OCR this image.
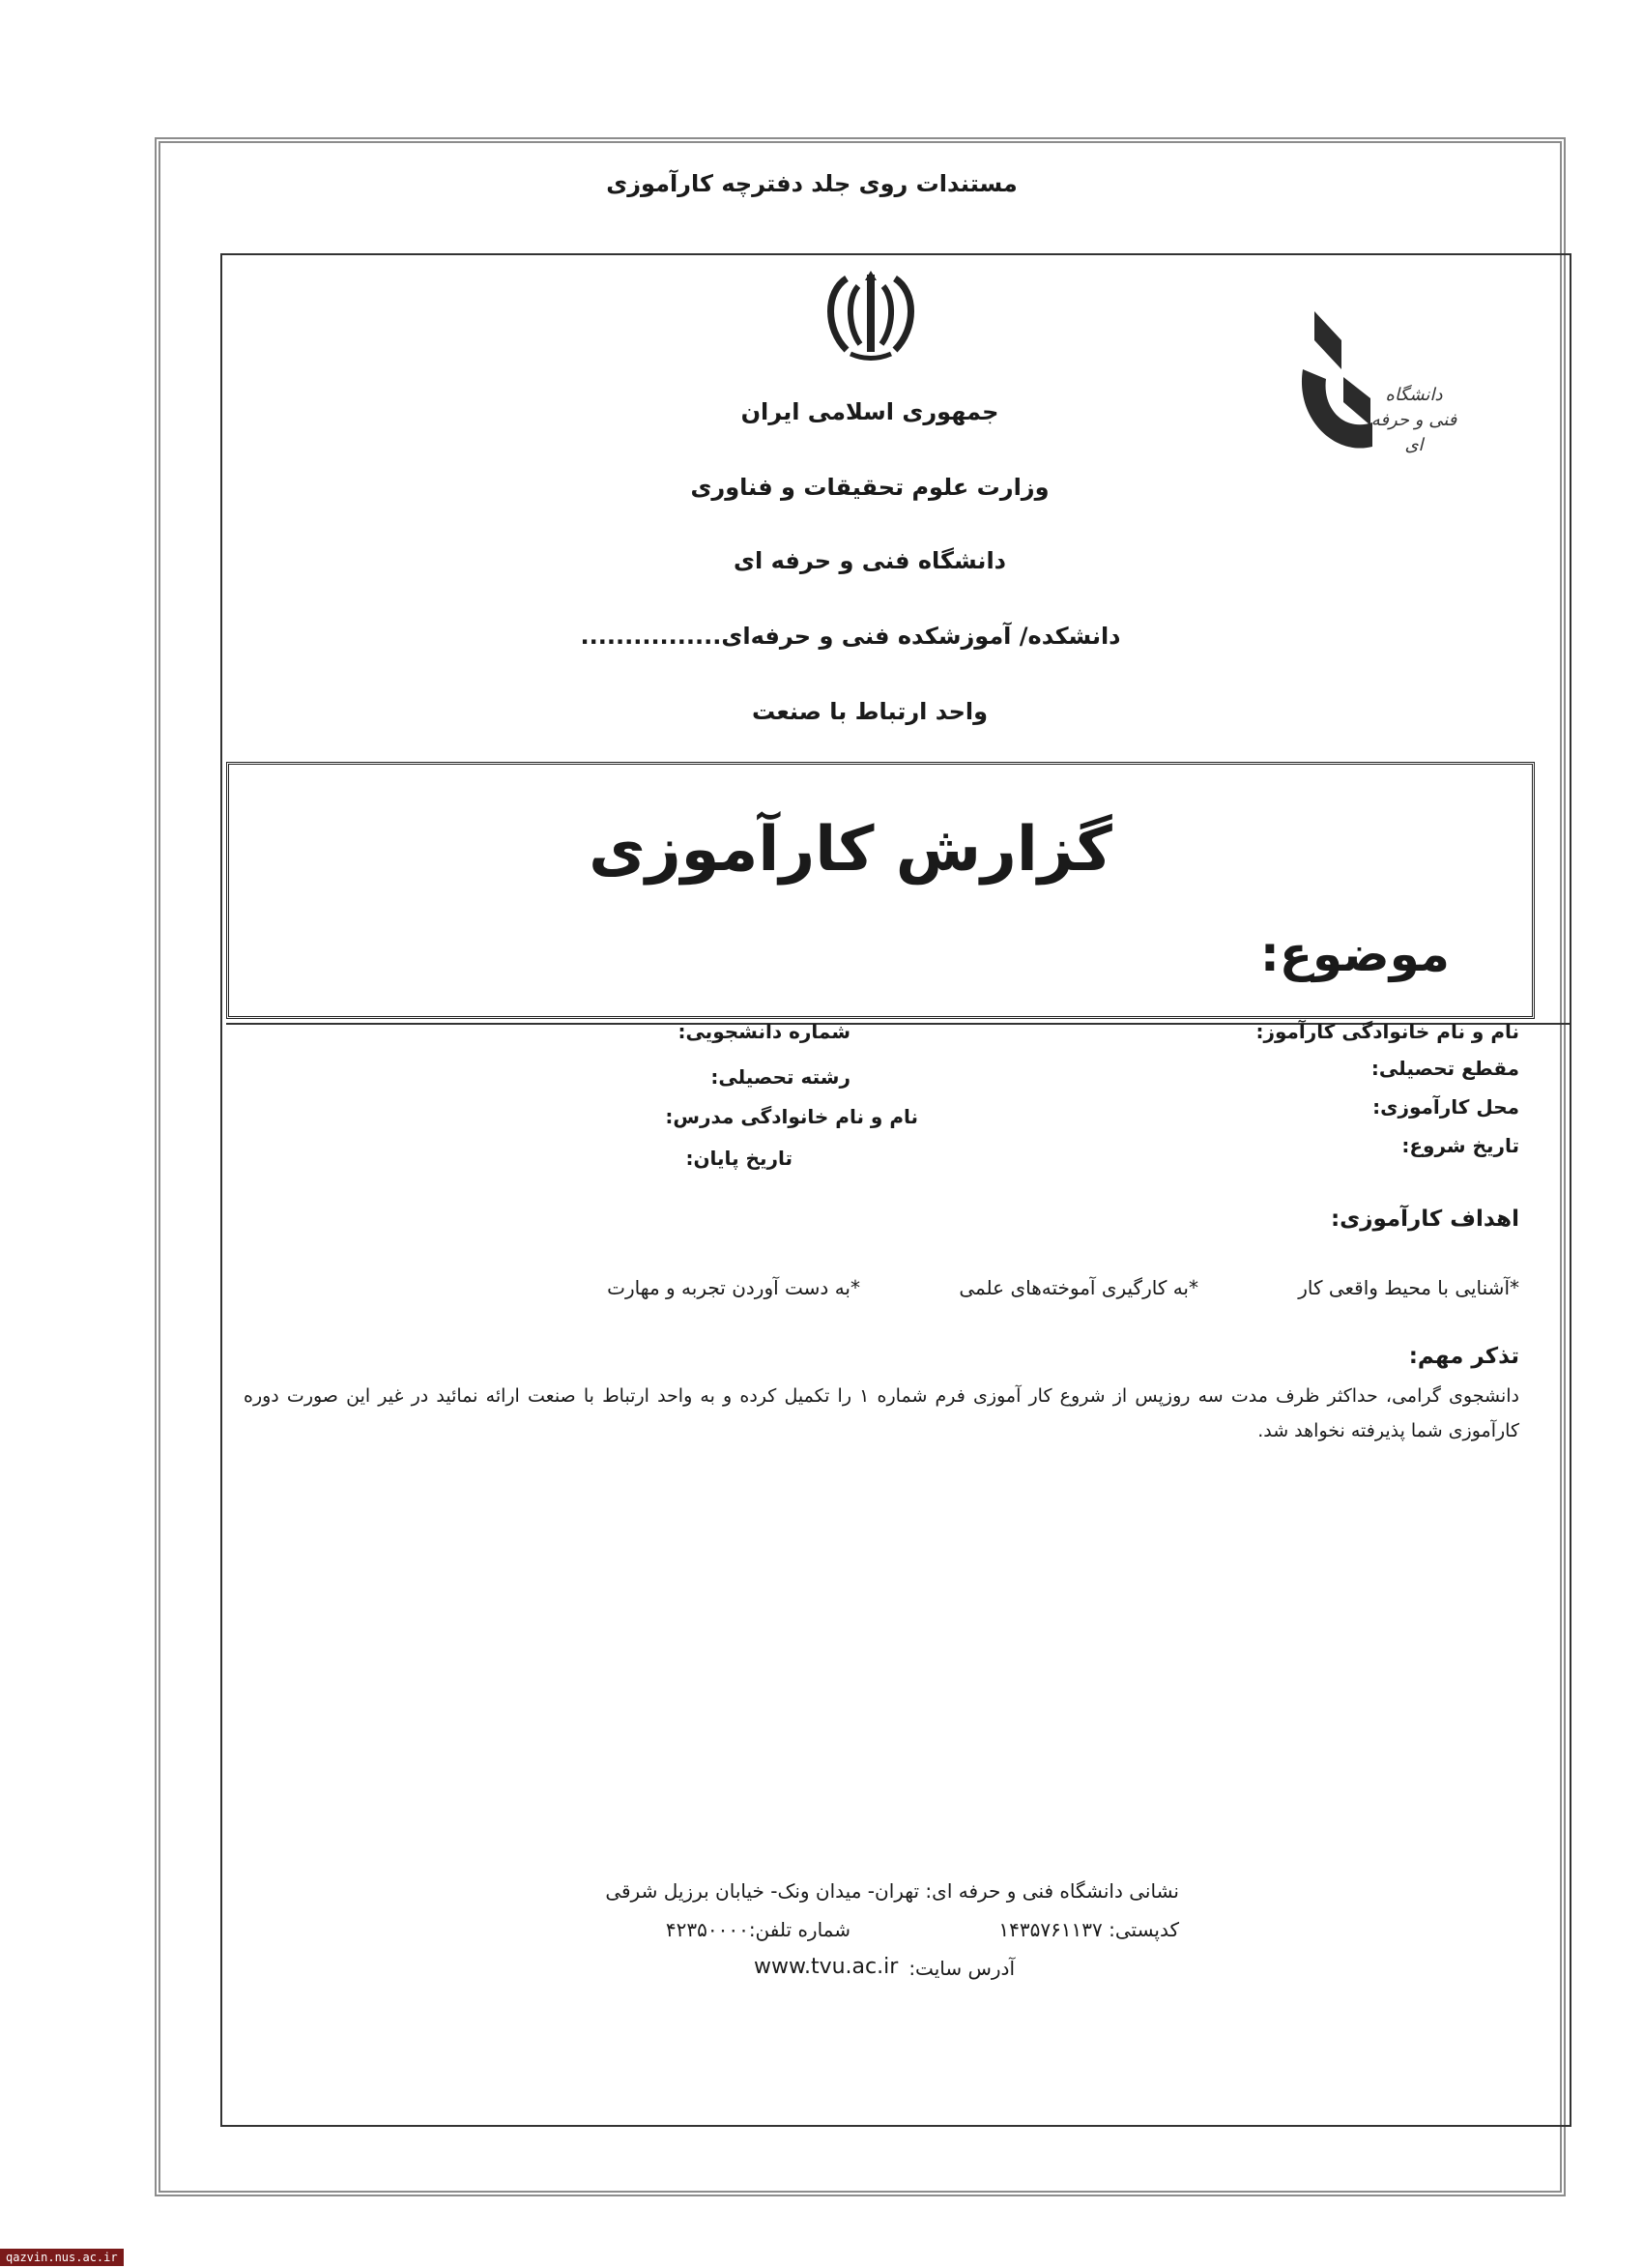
مستندات روی جلد دفترچه کارآموزی
دانشگاه فنی و حرفه ای
جمهوری اسلامی ایران
وزارت علوم تحقیقات و فناوری
دانشگاه فنی و حرفه ای
دانشکده/ آموزشکده فنی و حرفه‌ای................
واحد ارتباط با صنعت
گزارش کارآموزی
موضوع:
نام و نام خانوادگی کارآموز:
مقطع تحصیلی:
محل کارآموزی:
تاریخ شروع:
شماره دانشجویی:
رشته تحصیلی:
نام و نام خانوادگی مدرس:
تاریخ پایان:
اهداف کارآموزی:
*آشنایی با محیط واقعی کار
*به کارگیری آموخته‌های علمی
*به دست آوردن تجربه و مهارت
تذکر مهم:
دانشجوی گرامی، حداکثر ظرف مدت سه روزپس از شروع کار آموزی فرم شماره ۱ را تکمیل کرده و به واحد ارتباط با صنعت ارائه نمائید در غیر این صورت دوره کارآموزی شما پذیرفته نخواهد شد.
نشانی دانشگاه فنی و حرفه ای: تهران- میدان ونک- خیابان برزیل شرقی
کدپستی: ۱۴۳۵۷۶۱۱۳۷
شماره تلفن:۴۲۳۵۰۰۰۰
آدرس سایت:
www.tvu.ac.ir
qazvin.nus.ac.ir
